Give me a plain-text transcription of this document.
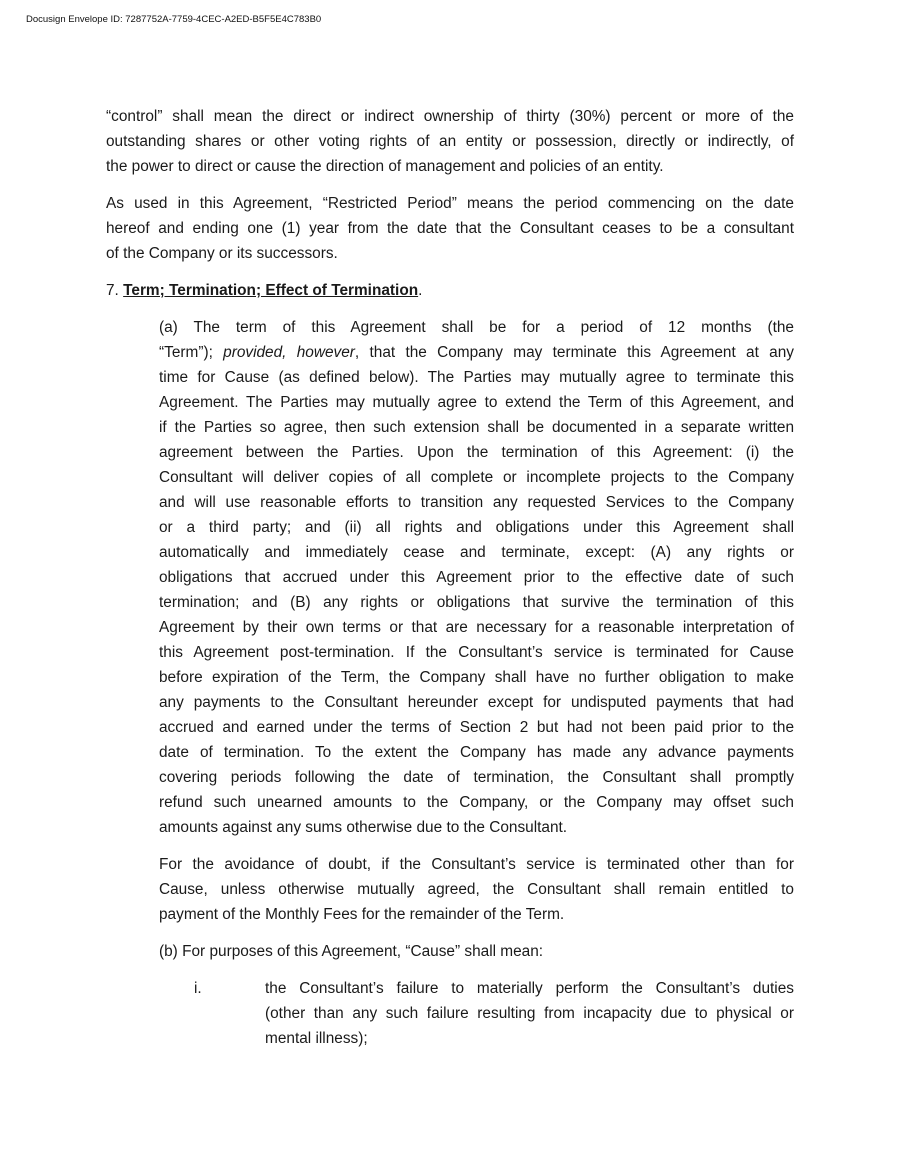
Docusign Envelope ID: 7287752A-7759-4CEC-A2ED-B5F5E4C783B0

“control” shall mean the direct or indirect ownership of thirty (30%) percent or more of the
outstanding shares or other voting rights of an entity or possession, directly or indirectly, of
the power to direct or cause the direction of management and policies of an entity.

As used in this Agreement, “Restricted Period” means the period commencing on the date
hereof and ending one (1) year from the date that the Consultant ceases to be a consultant
of the Company or its successors.

7. Term; Termination; Effect of Termination.

(a) The term of this Agreement shall be for a period of 12 months (the
“Term”); provided, however, that the Company may terminate this Agreement at any
time for Cause (as defined below). The Parties may mutually agree to terminate this
Agreement. The Parties may mutually agree to extend the Term of this Agreement, and
if the Parties so agree, then such extension shall be documented in a separate written
agreement between the Parties. Upon the termination of this Agreement: (i) the
Consultant will deliver copies of all complete or incomplete projects to the Company
and will use reasonable efforts to transition any requested Services to the Company
or a third party; and (ii) all rights and obligations under this Agreement shall
automatically and immediately cease and terminate, except: (A) any rights or
obligations that accrued under this Agreement prior to the effective date of such
termination; and (B) any rights or obligations that survive the termination of this
Agreement by their own terms or that are necessary for a reasonable interpretation of
this Agreement post-termination. If the Consultant’s service is terminated for Cause
before expiration of the Term, the Company shall have no further obligation to make
any payments to the Consultant hereunder except for undisputed payments that had
accrued and earned under the terms of Section 2 but had not been paid prior to the
date of termination. To the extent the Company has made any advance payments
covering periods following the date of termination, the Consultant shall promptly
refund such unearned amounts to the Company, or the Company may offset such
amounts against any sums otherwise due to the Consultant.

For the avoidance of doubt, if the Consultant’s service is terminated other than for
Cause, unless otherwise mutually agreed, the Consultant shall remain entitled to
payment of the Monthly Fees for the remainder of the Term.

(b) For purposes of this Agreement, “Cause” shall mean:

i.	the Consultant’s failure to materially perform the Consultant’s duties
(other than any such failure resulting from incapacity due to physical or
mental illness);
